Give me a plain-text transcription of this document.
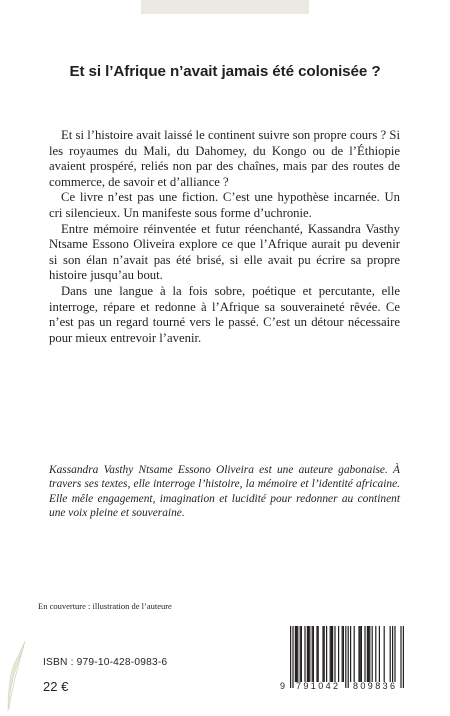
Et si l’Afrique n’avait jamais été colonisée ?

Et si l’histoire avait laissé le continent suivre son propre cours ? Si les royaumes du Mali, du Dahomey, du Kongo ou de l’Éthiopie avaient prospéré, reliés non par des chaînes, mais par des routes de commerce, de savoir et d’alliance ?

Ce livre n’est pas une fiction. C’est une hypothèse incarnée. Un cri silencieux. Un manifeste sous forme d’uchronie.

Entre mémoire réinventée et futur réenchanté, Kassandra Vasthy Ntsame Essono Oliveira explore ce que l’Afrique aurait pu devenir si son élan n’avait pas été brisé, si elle avait pu écrire sa propre histoire jusqu’au bout.

Dans une langue à la fois sobre, poétique et percutante, elle interroge, répare et redonne à l’Afrique sa souveraineté rêvée. Ce n’est pas un regard tourné vers le passé. C’est un détour nécessaire pour mieux entrevoir l’avenir.

Kassandra Vasthy Ntsame Essono Oliveira est une auteure gabonaise. À travers ses textes, elle interroge l’histoire, la mémoire et l’identité africaine. Elle mêle engagement, imagination et lucidité pour redonner au continent une voix pleine et souveraine.

En couverture : illustration de l’auteure
ISBN : 979-10-428-0983-6
22 €	9 791042 809836
